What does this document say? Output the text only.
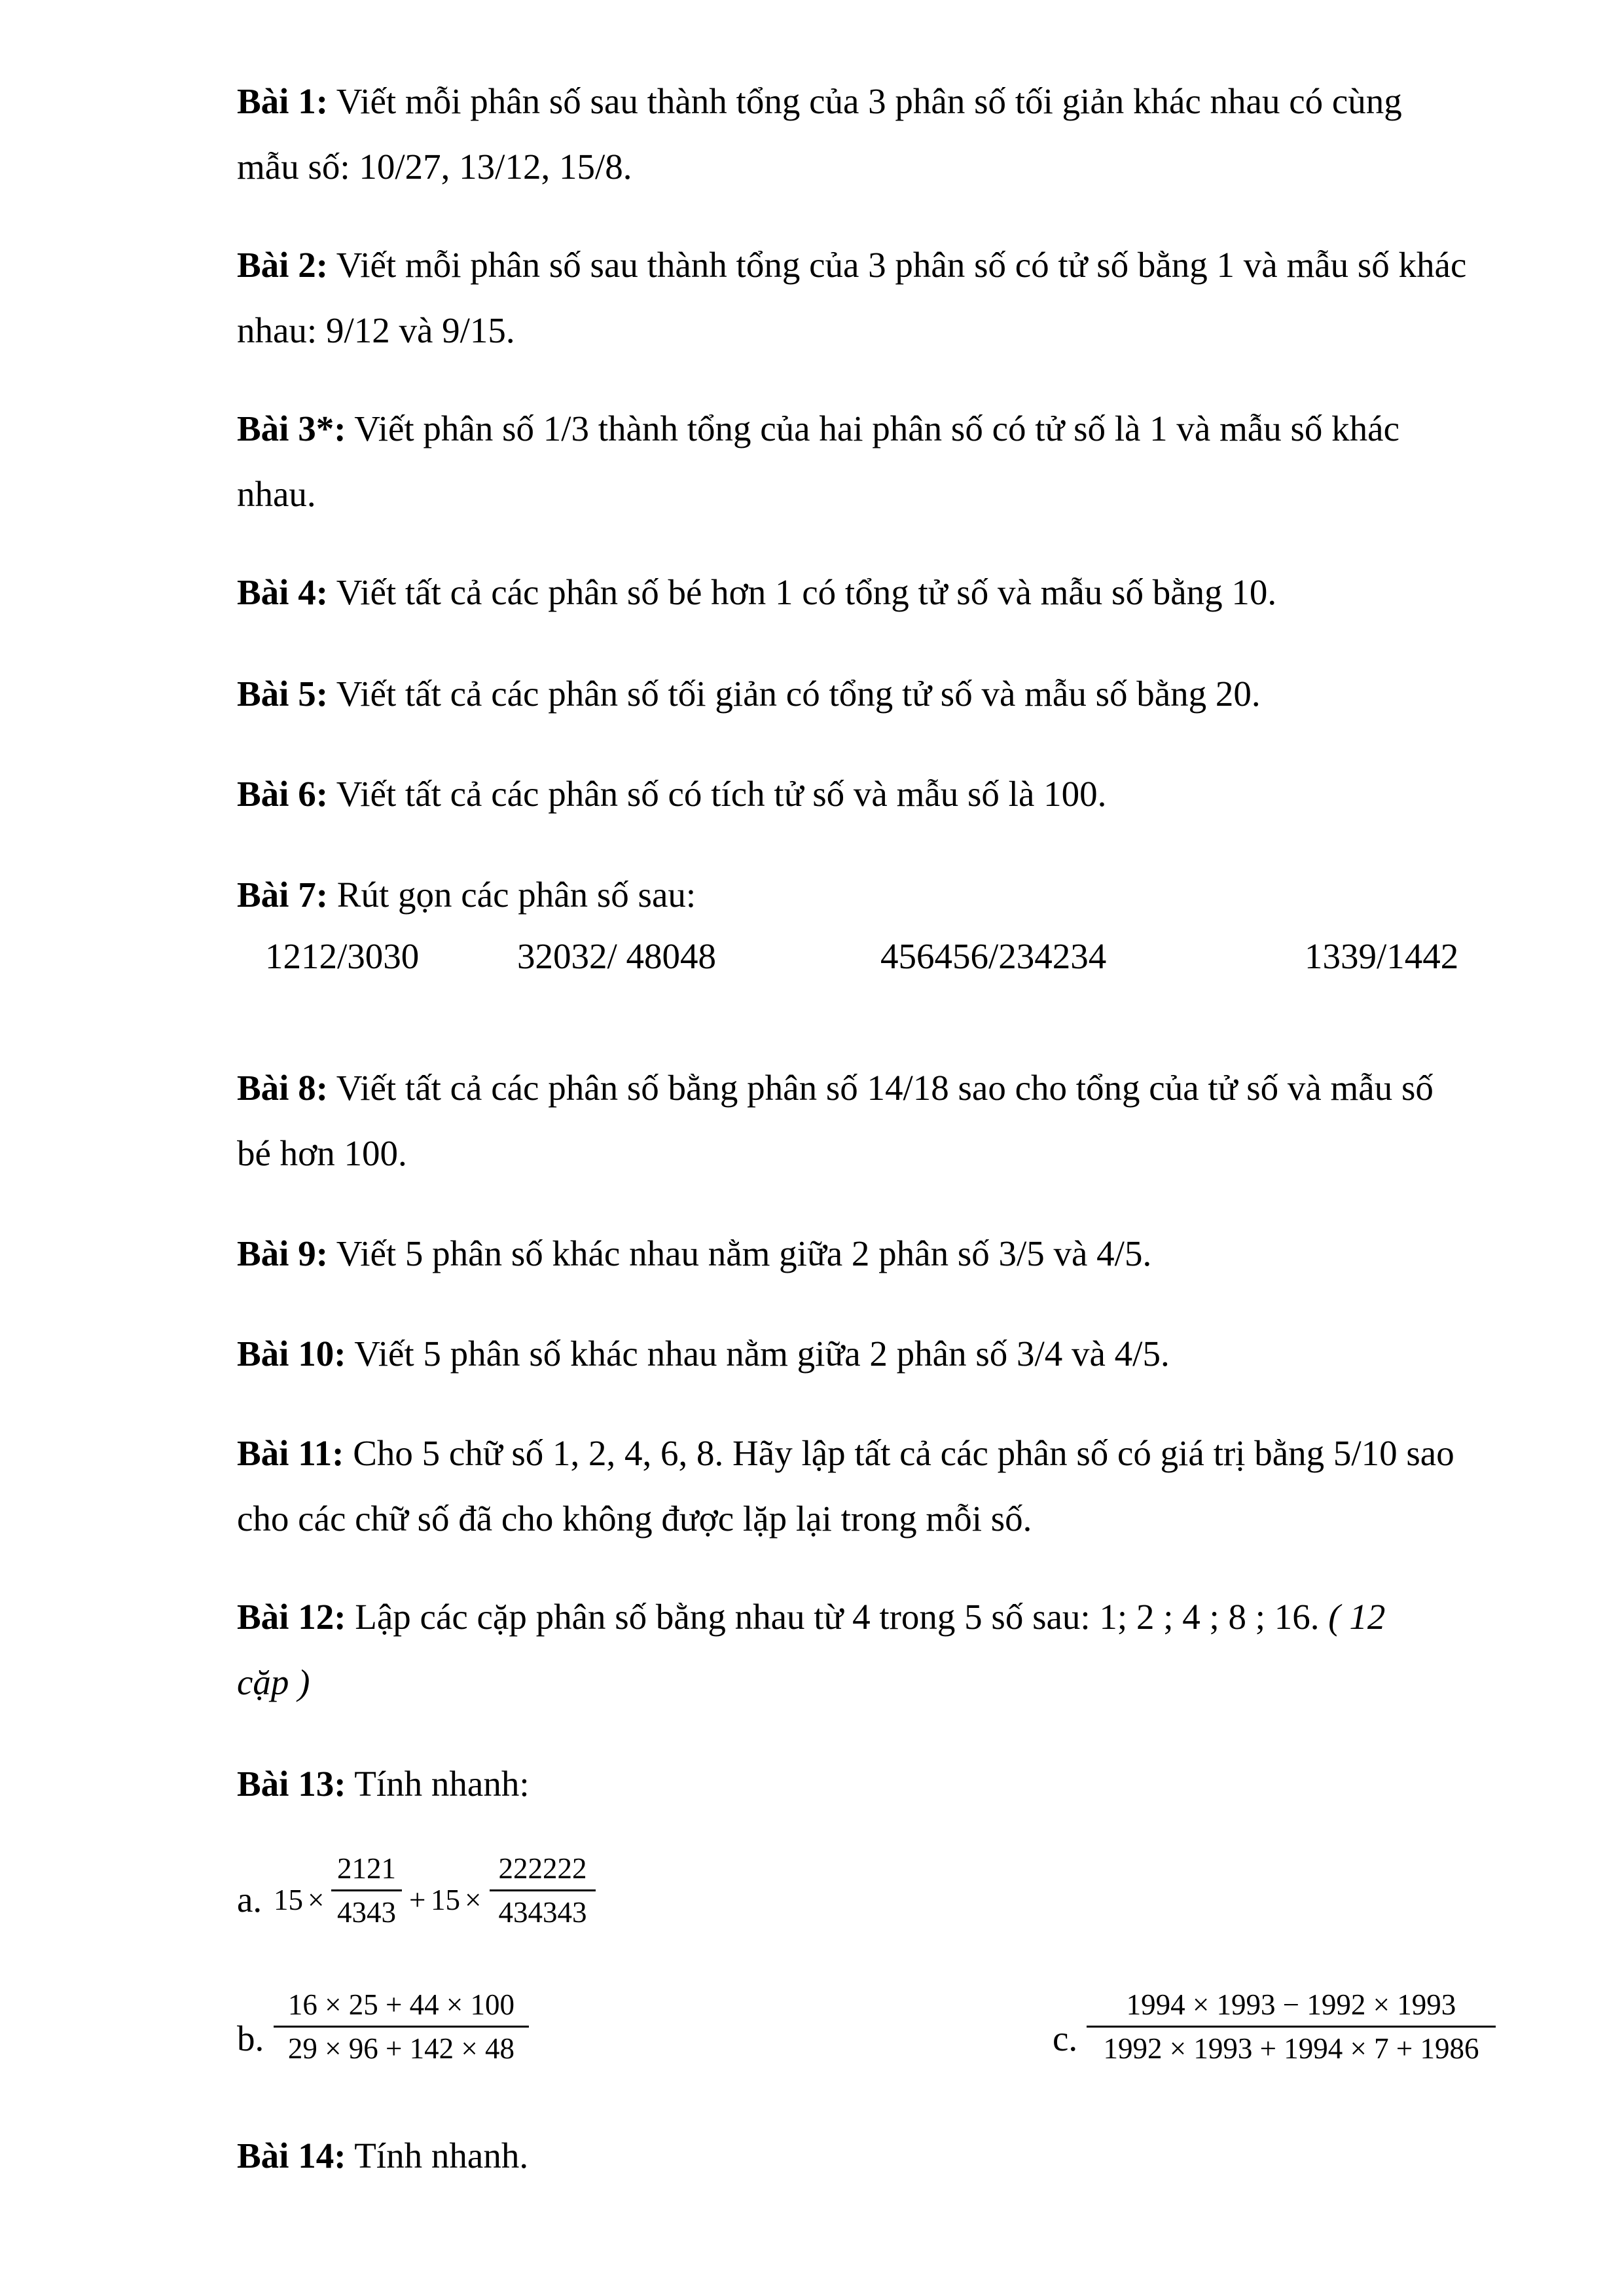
Bài 1: Viết mỗi phân số sau thành tổng của 3 phân số tối giản khác nhau có cùng
mẫu số: 10/27, 13/12, 15/8.
Bài 2: Viết mỗi phân số sau thành tổng của 3 phân số có tử số bằng 1 và mẫu số khác
nhau: 9/12 và 9/15.
Bài 3*: Viết phân số 1/3 thành tổng của hai phân số có tử số là 1 và mẫu số khác
nhau.
Bài 4: Viết tất cả các phân số bé hơn 1 có tổng tử số và mẫu số bằng 10.
Bài 5: Viết tất cả các phân số tối giản có tổng tử số và mẫu số bằng 20.
Bài 6: Viết tất cả các phân số có tích tử số và mẫu số là 100.
Bài 7: Rút gọn các phân số sau:
1212/3030	32032/ 48048	456456/234234	1339/1442
Bài 8: Viết tất cả các phân số bằng phân số 14/18 sao cho tổng của tử số và mẫu số
bé hơn 100.
Bài 9: Viết 5 phân số khác nhau nằm giữa 2 phân số 3/5 và 4/5.
Bài 10: Viết 5 phân số khác nhau nằm giữa 2 phân số 3/4 và 4/5.
Bài 11: Cho 5 chữ số 1, 2, 4, 6, 8. Hãy lập tất cả các phân số có giá trị bằng 5/10 sao
cho các chữ số đã cho không được lặp lại trong mỗi số.
Bài 12: Lập các cặp phân số bằng nhau từ 4 trong 5 số sau: 1; 2 ; 4 ; 8 ; 16. ( 12
cặp )
Bài 13: Tính nhanh:
a. 15 ×
2121
4343 + 15 ×
222222
434343
b.
16 × 25 + 44 × 100
29 × 96 + 142 × 48	c.
1994 × 1993 − 1992 × 1993
1992 × 1993 + 1994 × 7 + 1986
Bài 14: Tính nhanh.
